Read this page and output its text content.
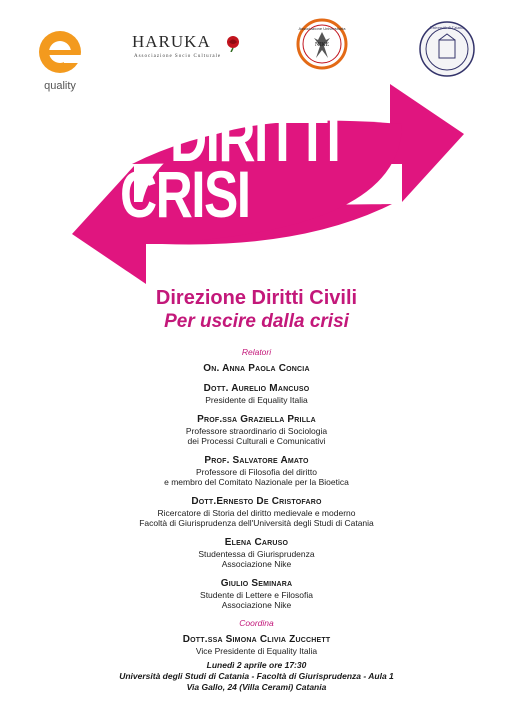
quality
HARUKA
Associazione Socio Culturale
Associazione Universitaria
NIKE
Università di Catania
DIRITTI
CRISI
Direzione Diritti Civili
Per uscire dalla crisi
Relatori
On. Anna Paola Concia
Dott. Aurelio Mancuso
Presidente di Equality Italia
Prof.ssa Graziella Prilla
Professore straordinario di Sociologia
dei Processi Culturali e Comunicativi
Prof. Salvatore Amato
Professore di Filosofia del diritto
e membro del Comitato Nazionale per la Bioetica
Dott.Ernesto De Cristofaro
Ricercatore di Storia del diritto medievale e moderno
Facoltà di Giurisprudenza dell'Università degli Studi di Catania
Elena Caruso
Studentessa di Giurisprudenza
Associazione Nike
Giulio Seminara
Studente di Lettere e Filosofia
Associazione Nike
Coordina
Dott.ssa Simona Clivia Zucchett
Vice Presidente di Equality Italia
Lunedì 2 aprile ore 17:30
Università degli Studi di Catania - Facoltà di Giurisprudenza - Aula 1
Via Gallo, 24 (Villa Cerami) Catania
